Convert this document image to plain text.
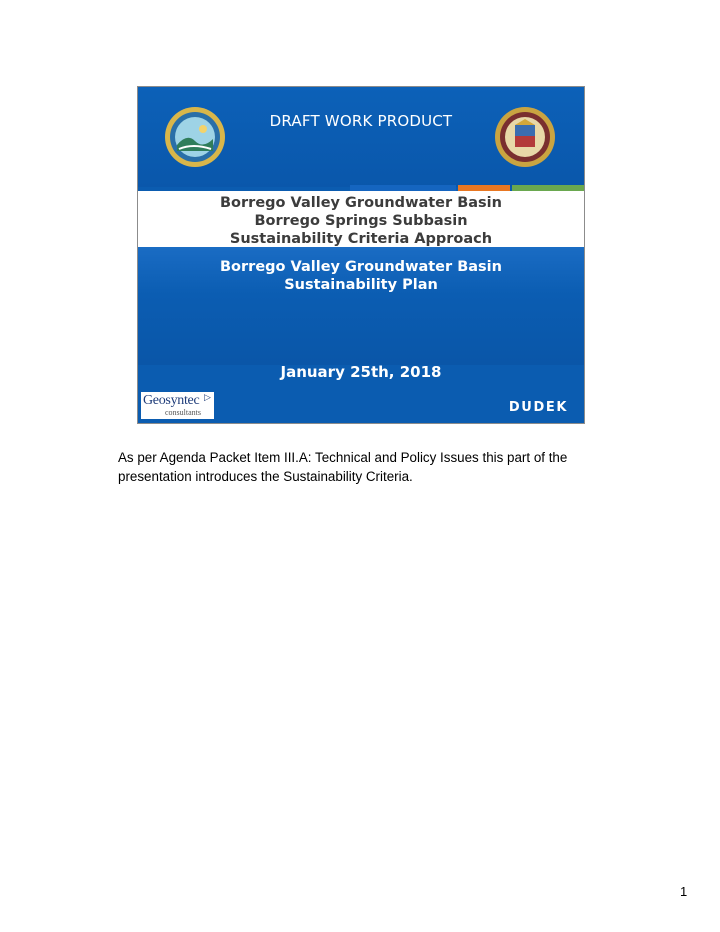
DRAFT WORK PRODUCT
Borrego Valley Groundwater Basin
Borrego Springs Subbasin
Sustainability Criteria Approach
Borrego Valley Groundwater Basin
Sustainability Plan
January 25th, 2018
Geosyntec ▷
consultants	DUDEK
As per Agenda Packet Item III.A: Technical and Policy Issues this part of the presentation introduces the Sustainability Criteria.
1
